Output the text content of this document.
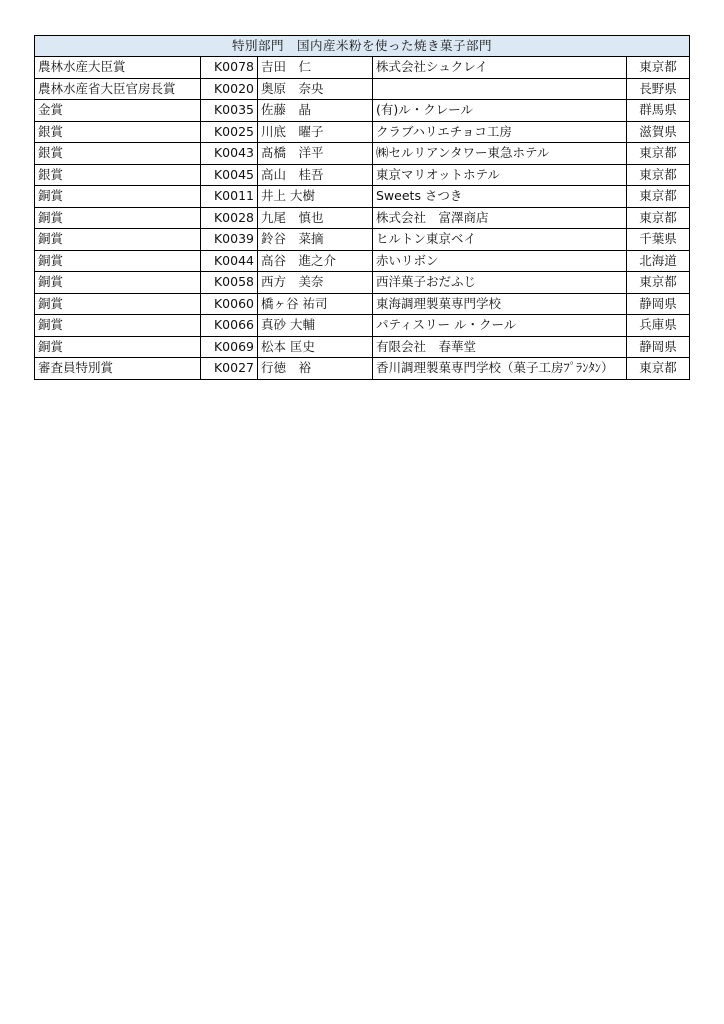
特別部門　国内産米粉を使った焼き菓子部門				
農林水産大臣賞	K0078	吉田　仁	株式会社シュクレイ	東京都
農林水産省大臣官房長賞	K0020	奥原　奈央		長野県
金賞	K0035	佐藤　晶	(有)ル・クレール	群馬県
銀賞	K0025	川底　曜子	クラブハリエチョコ工房	滋賀県
銀賞	K0043	髙橋　洋平	㈱セルリアンタワー東急ホテル	東京都
銀賞	K0045	高山　桂吾	東京マリオットホテル	東京都
銅賞	K0011	井上 大樹	Sweets さつき	東京都
銅賞	K0028	九尾　慎也	株式会社　富澤商店	東京都
銅賞	K0039	鈴谷　菜摘	ヒルトン東京ベイ	千葉県
銅賞	K0044	高谷　進之介	赤いリボン	北海道
銅賞	K0058	西方　美奈	西洋菓子おだふじ	東京都
銅賞	K0060	橋ヶ谷 祐司	東海調理製菓専門学校	静岡県
銅賞	K0066	真砂 大輔	パティスリー ル・クール	兵庫県
銅賞	K0069	松本 匡史	有限会社　春華堂	静岡県
審査員特別賞	K0027	行徳　裕	香川調理製菓専門学校（菓子工房ﾌﾟﾗﾝﾀﾝ）	東京都
